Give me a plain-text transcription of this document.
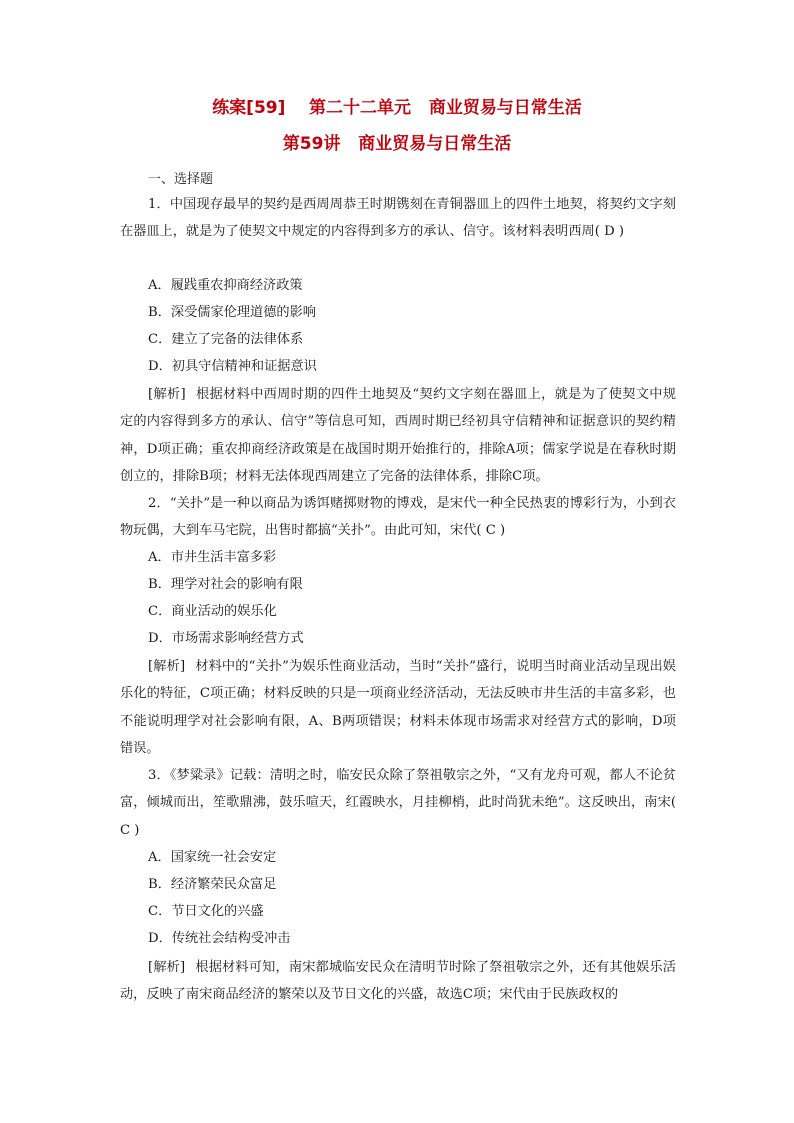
练案[59]    第二十二单元   商业贸易与日常生活
第59讲   商业贸易与日常生活
一、选择题
1．中国现存最早的契约是西周周恭王时期镌刻在青铜器皿上的四件土地契，将契约文字刻在器皿上，就是为了使契文中规定的内容得到多方的承认、信守。该材料表明西周( D )
A．履践重农抑商经济政策
B．深受儒家伦理道德的影响
C．建立了完备的法律体系
D．初具守信精神和证据意识
[解析] 根据材料中西周时期的四件土地契及“契约文字刻在器皿上，就是为了使契文中规定的内容得到多方的承认、信守”等信息可知，西周时期已经初具守信精神和证据意识的契约精神，D项正确；重农抑商经济政策是在战国时期开始推行的，排除A项；儒家学说是在春秋时期创立的，排除B项；材料无法体现西周建立了完备的法律体系，排除C项。
2．“关扑”是一种以商品为诱饵赌掷财物的博戏，是宋代一种全民热衷的博彩行为，小到衣物玩偶，大到车马宅院，出售时都搞“关扑”。由此可知，宋代( C )
A．市井生活丰富多彩
B．理学对社会的影响有限
C．商业活动的娱乐化
D．市场需求影响经营方式
[解析] 材料中的“关扑”为娱乐性商业活动，当时“关扑”盛行，说明当时商业活动呈现出娱乐化的特征，C项正确；材料反映的只是一项商业经济活动，无法反映市井生活的丰富多彩，也不能说明理学对社会影响有限，A、B两项错误；材料未体现市场需求对经营方式的影响，D项错误。
3．《梦粱录》记载：清明之时，临安民众除了祭祖敬宗之外，“又有龙舟可观，都人不论贫富，倾城而出，笙歌鼎沸，鼓乐喧天，红霞映水，月挂柳梢，此时尚犹未绝”。这反映出，南宋( C )
A．国家统一社会安定
B．经济繁荣民众富足
C．节日文化的兴盛
D．传统社会结构受冲击
[解析] 根据材料可知，南宋都城临安民众在清明节时除了祭祖敬宗之外，还有其他娱乐活动，反映了南宋商品经济的繁荣以及节日文化的兴盛，故选C项；宋代由于民族政权的
